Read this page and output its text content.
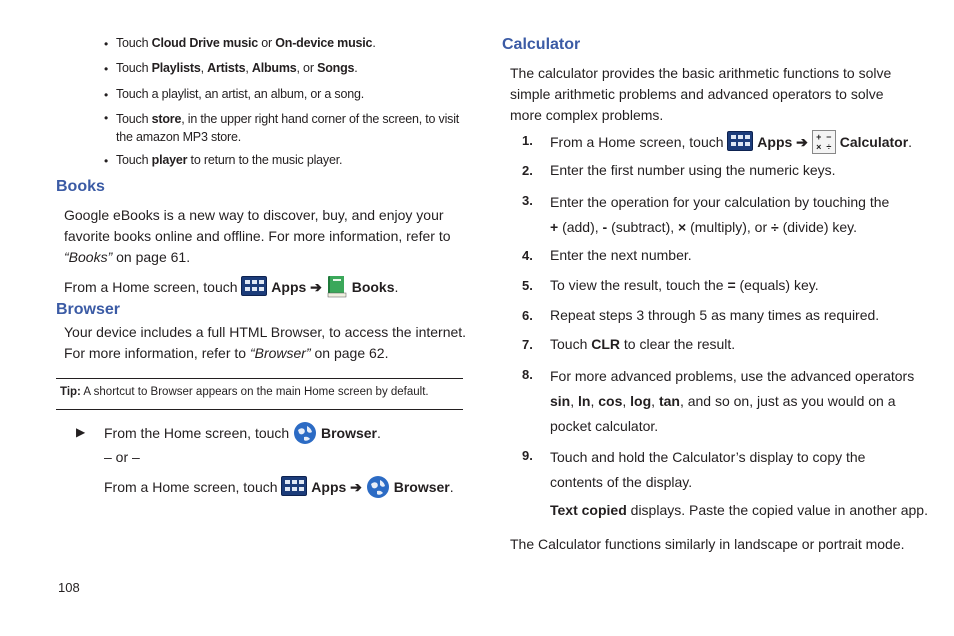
• Touch Cloud Drive music or On-device music.
• Touch Playlists, Artists, Albums, or Songs.
• Touch a playlist, an artist, an album, or a song.
• Touch store, in the upper right hand corner of the screen, to visit
the amazon MP3 store.
• Touch player to return to the music player.
Books
Google eBooks is a new way to discover, buy, and enjoy your
favorite books online and offline. For more information, refer to
“Books” on page 61.
From a Home screen, touch
Apps ➔  Books.
Browser
Your device includes a full HTML Browser, to access the internet.
For more information, refer to “Browser” on page 62.
Tip: A shortcut to Browser appears on the main Home screen by default.
▶ From the Home screen, touch  Browser.
– or –
From a Home screen, touch
Apps ➔  Browser.
Calculator
The calculator provides the basic arithmetic functions to solve
simple arithmetic problems and advanced operators to solve
more complex problems.
1. From a Home screen, touch
Apps ➔ + −
× ÷ Calculator.
2. Enter the first number using the numeric keys.
3. Enter the operation for your calculation by touching the
+ (add), - (subtract), × (multiply), or ÷ (divide) key.
4. Enter the next number.
5. To view the result, touch the = (equals) key.
6. Repeat steps 3 through 5 as many times as required.
7. Touch CLR to clear the result.
8. For more advanced problems, use the advanced operators
sin, ln, cos, log, tan, and so on, just as you would on a
pocket calculator.
9. Touch and hold the Calculator’s display to copy the
contents of the display.
Text copied displays. Paste the copied value in another app.
The Calculator functions similarly in landscape or portrait mode.
108
